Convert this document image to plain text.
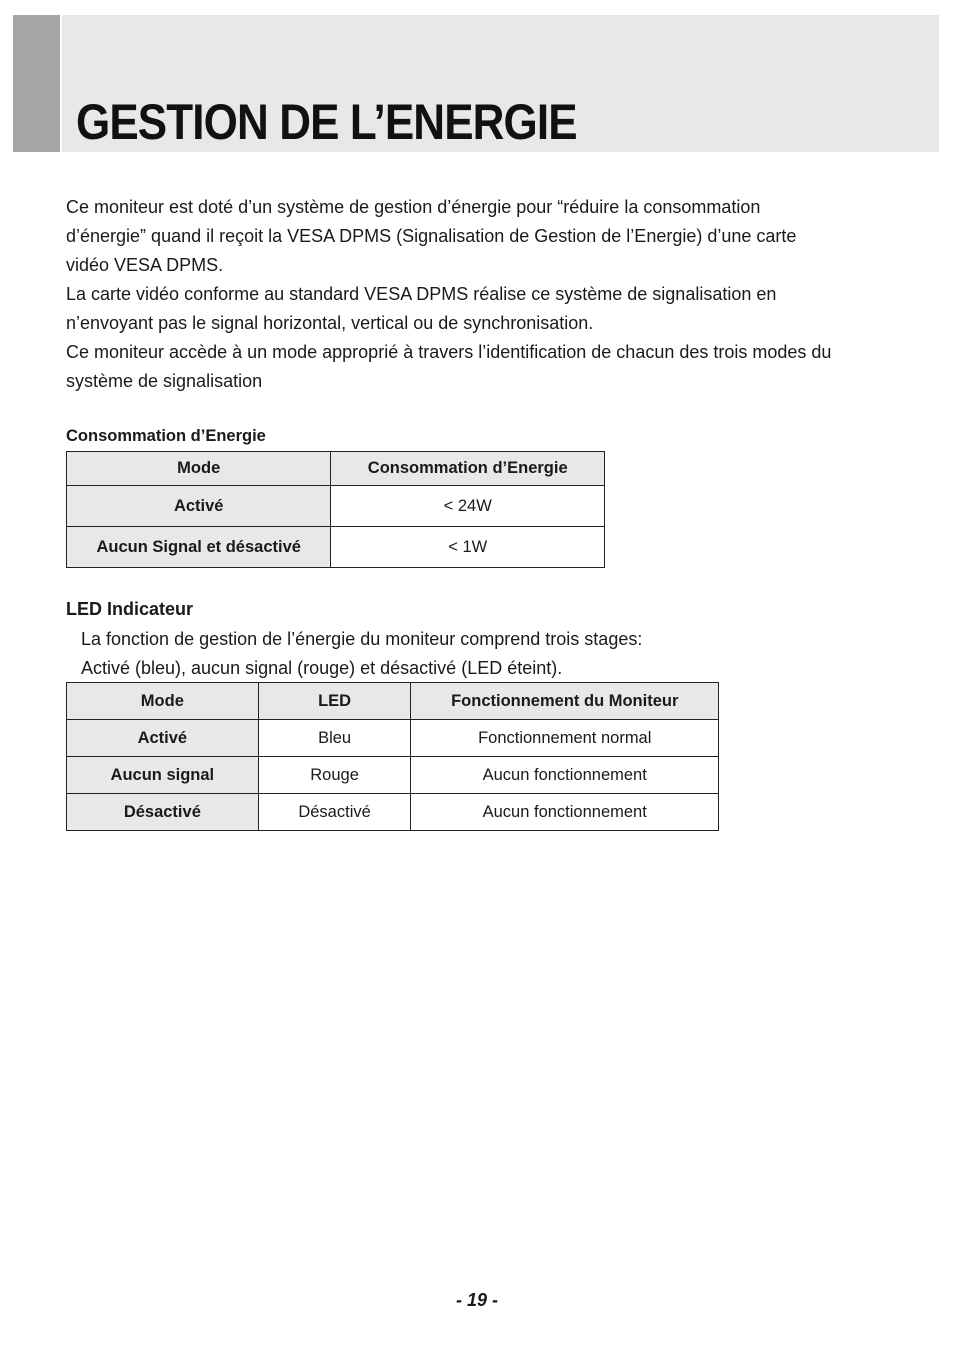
GESTION DE L’ENERGIE

Ce moniteur est doté d’un système de gestion d’énergie pour “réduire la consommation

d’énergie” quand il reçoit la VESA DPMS (Signalisation de Gestion de l’Energie) d’une carte

vidéo VESA DPMS.

La carte vidéo conforme au standard VESA DPMS réalise ce système de signalisation en

n’envoyant pas le signal horizontal, vertical ou de synchronisation.

Ce moniteur accède à un mode approprié à travers l’identification de chacun des trois modes du

système de signalisation

Consommation d’Energie

Mode	Consommation d’Energie
Activé	< 24W
Aucun Signal et désactivé	< 1W

LED Indicateur

La fonction de gestion de l’énergie du moniteur comprend trois stages:

Activé (bleu), aucun signal (rouge) et désactivé (LED éteint).

Mode	LED	Fonctionnement du Moniteur
Activé	Bleu	Fonctionnement normal
Aucun signal	Rouge	Aucun fonctionnement
Désactivé	Désactivé	Aucun fonctionnement

- 19 -
